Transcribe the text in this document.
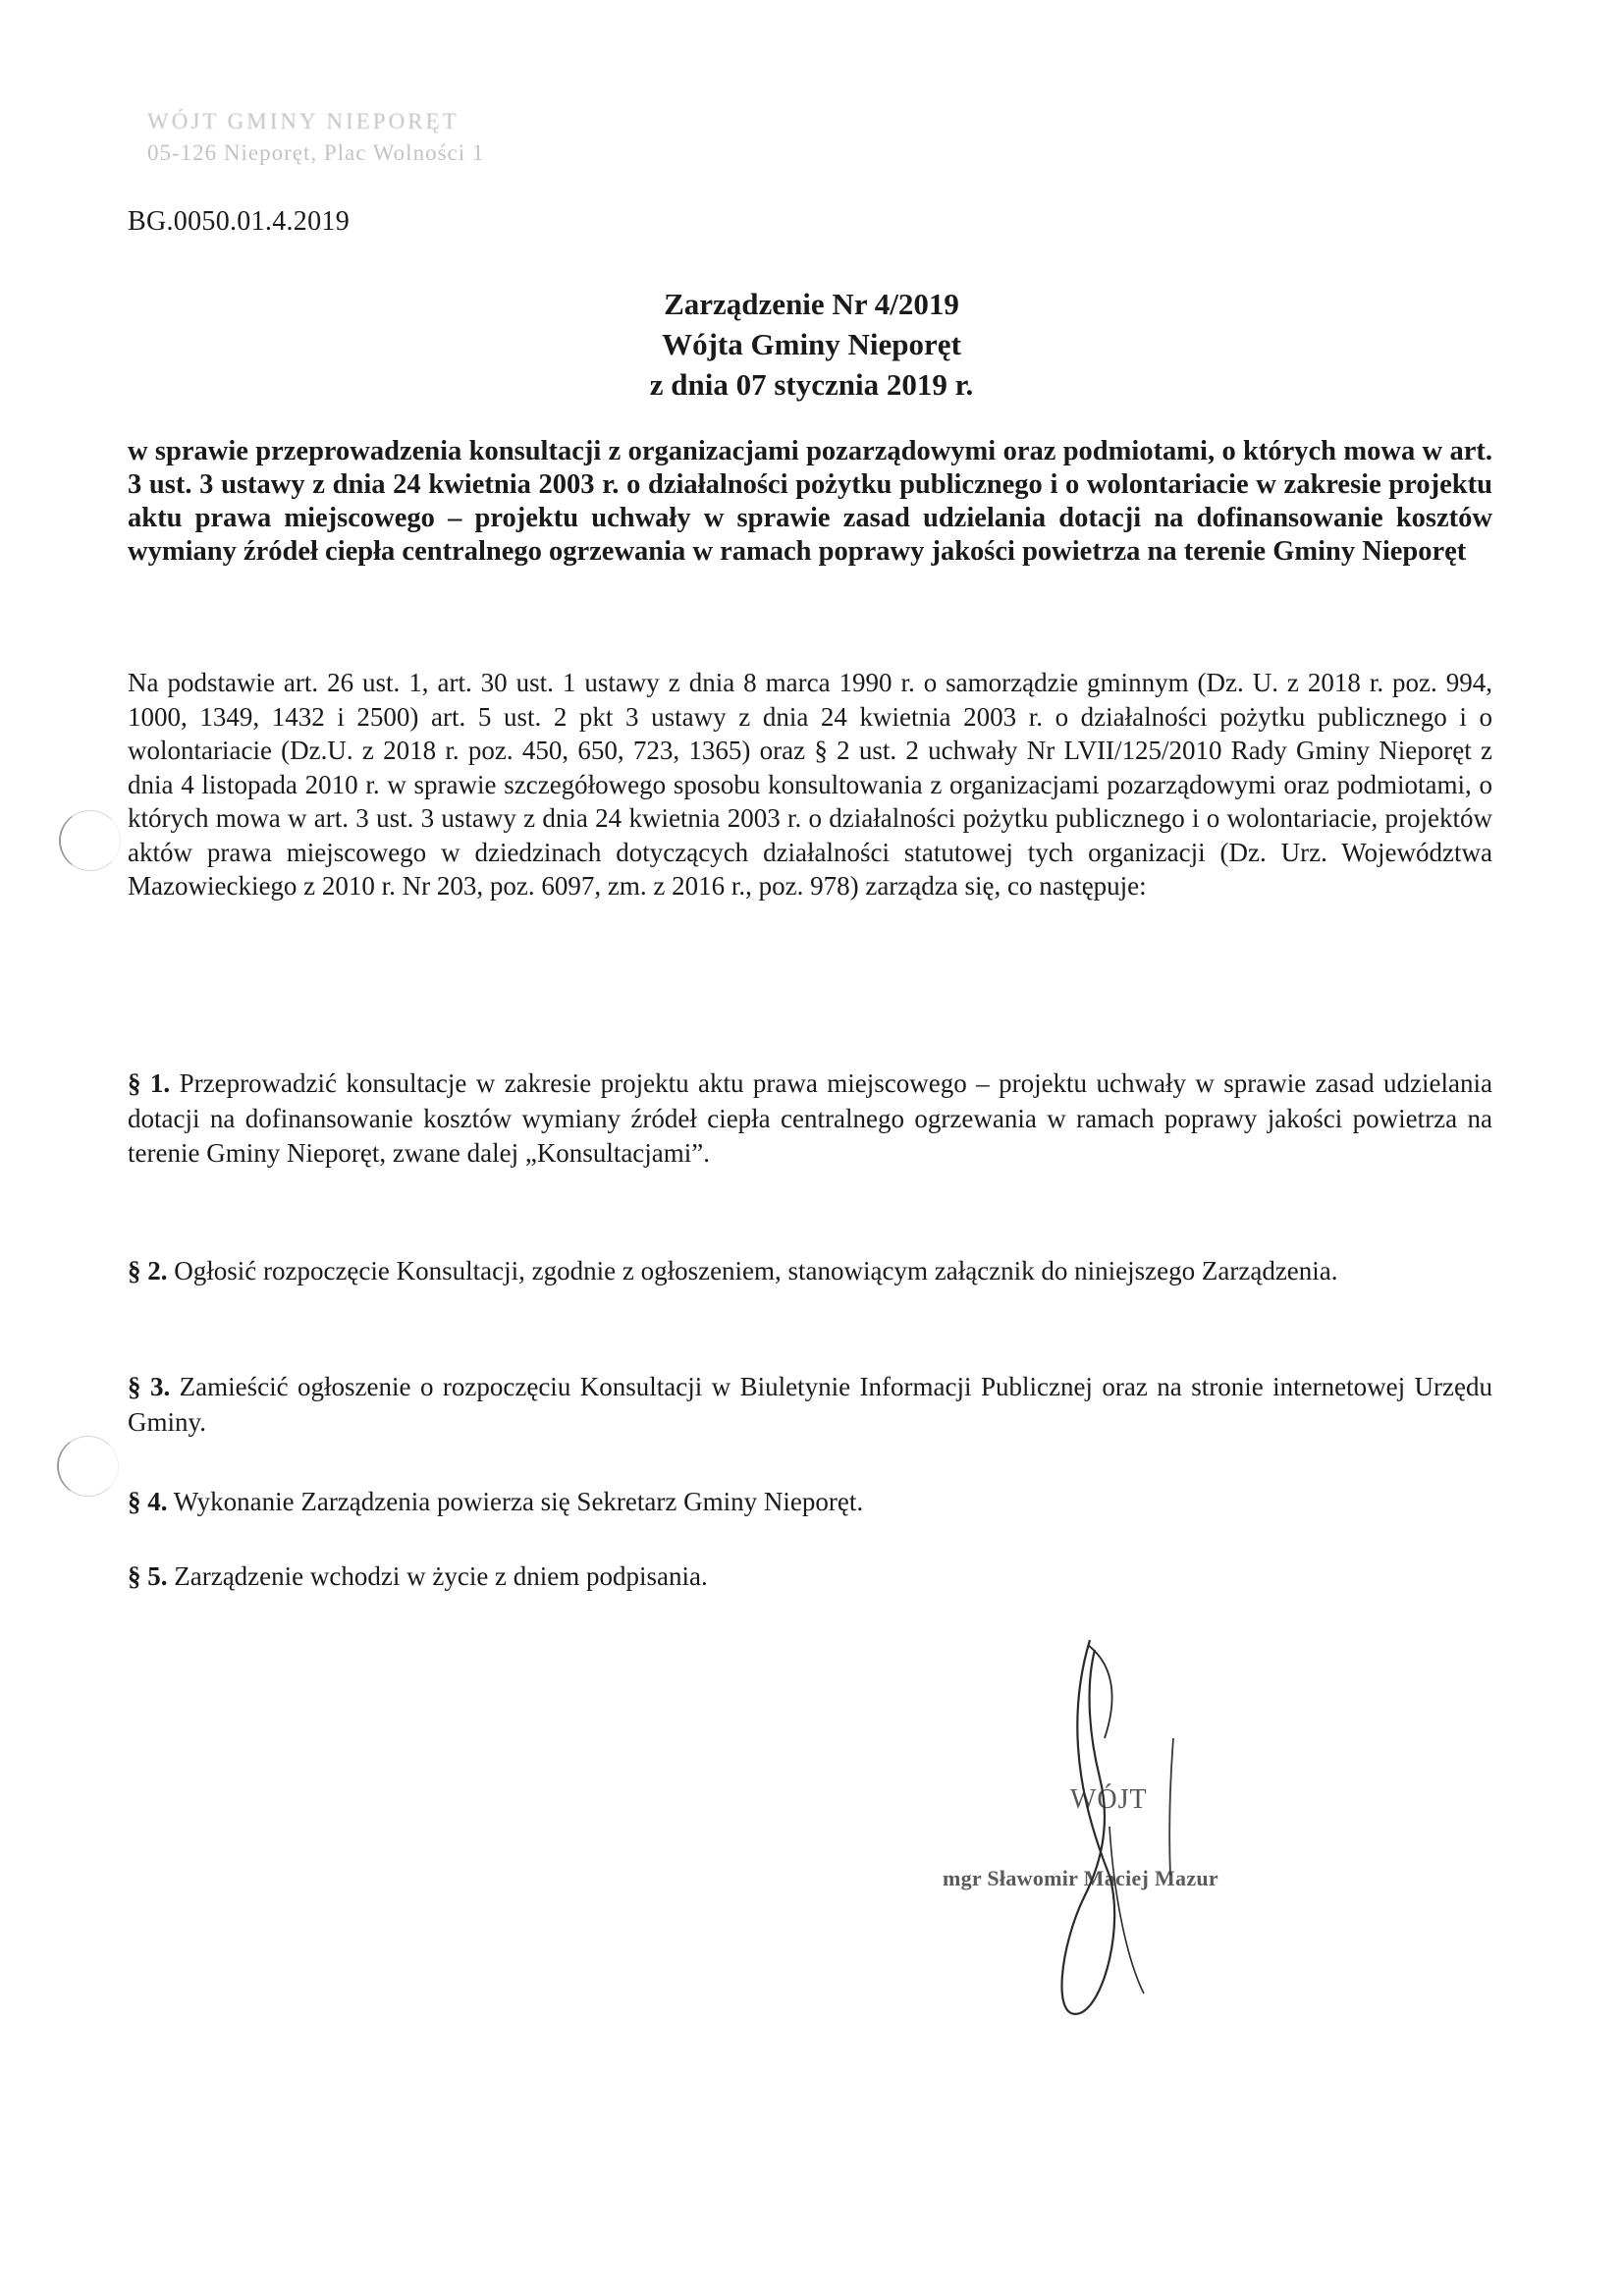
WÓJT GMINY NIEPORĘT
05-126 Nieporęt, Plac Wolności 1
BG.0050.01.4.2019
Zarządzenie Nr 4/2019
Wójta Gminy Nieporęt
z dnia 07 stycznia 2019 r.
w sprawie przeprowadzenia konsultacji z organizacjami pozarządowymi oraz podmiotami, o których mowa w art. 3 ust. 3 ustawy z dnia 24 kwietnia 2003 r. o działalności pożytku publicznego i o wolontariacie w zakresie projektu aktu prawa miejscowego – projektu uchwały w sprawie zasad udzielania dotacji na dofinansowanie kosztów wymiany źródeł ciepła centralnego ogrzewania w ramach poprawy jakości powietrza na terenie Gminy Nieporęt
Na podstawie art. 26 ust. 1, art. 30 ust. 1 ustawy z dnia 8 marca 1990 r. o samorządzie gminnym (Dz. U. z 2018 r. poz. 994, 1000, 1349, 1432 i 2500) art. 5 ust. 2 pkt 3 ustawy z dnia 24 kwietnia 2003 r. o działalności pożytku publicznego i o wolontariacie (Dz.U. z 2018 r. poz. 450, 650, 723, 1365) oraz § 2 ust. 2 uchwały Nr LVII/125/2010 Rady Gminy Nieporęt z dnia 4 listopada 2010 r. w sprawie szczegółowego sposobu konsultowania z organizacjami pozarządowymi oraz podmiotami, o których mowa w art. 3 ust. 3 ustawy z dnia 24 kwietnia 2003 r. o działalności pożytku publicznego i o wolontariacie, projektów aktów prawa miejscowego w dziedzinach dotyczących działalności statutowej tych organizacji (Dz. Urz. Województwa Mazowieckiego z 2010 r. Nr 203, poz. 6097, zm. z 2016 r., poz. 978) zarządza się, co następuje:
§ 1. Przeprowadzić konsultacje w zakresie projektu aktu prawa miejscowego – projektu uchwały w sprawie zasad udzielania dotacji na dofinansowanie kosztów wymiany źródeł ciepła centralnego ogrzewania w ramach poprawy jakości powietrza na terenie Gminy Nieporęt, zwane dalej „Konsultacjami”.
§ 2. Ogłosić rozpoczęcie Konsultacji, zgodnie z ogłoszeniem, stanowiącym załącznik do niniejszego Zarządzenia.
§ 3. Zamieścić ogłoszenie o rozpoczęciu Konsultacji w Biuletynie Informacji Publicznej oraz na stronie internetowej Urzędu Gminy.
§ 4. Wykonanie Zarządzenia powierza się Sekretarz Gminy Nieporęt.
§ 5. Zarządzenie wchodzi w życie z dniem podpisania.
WÓJT
mgr Sławomir Maciej Mazur
